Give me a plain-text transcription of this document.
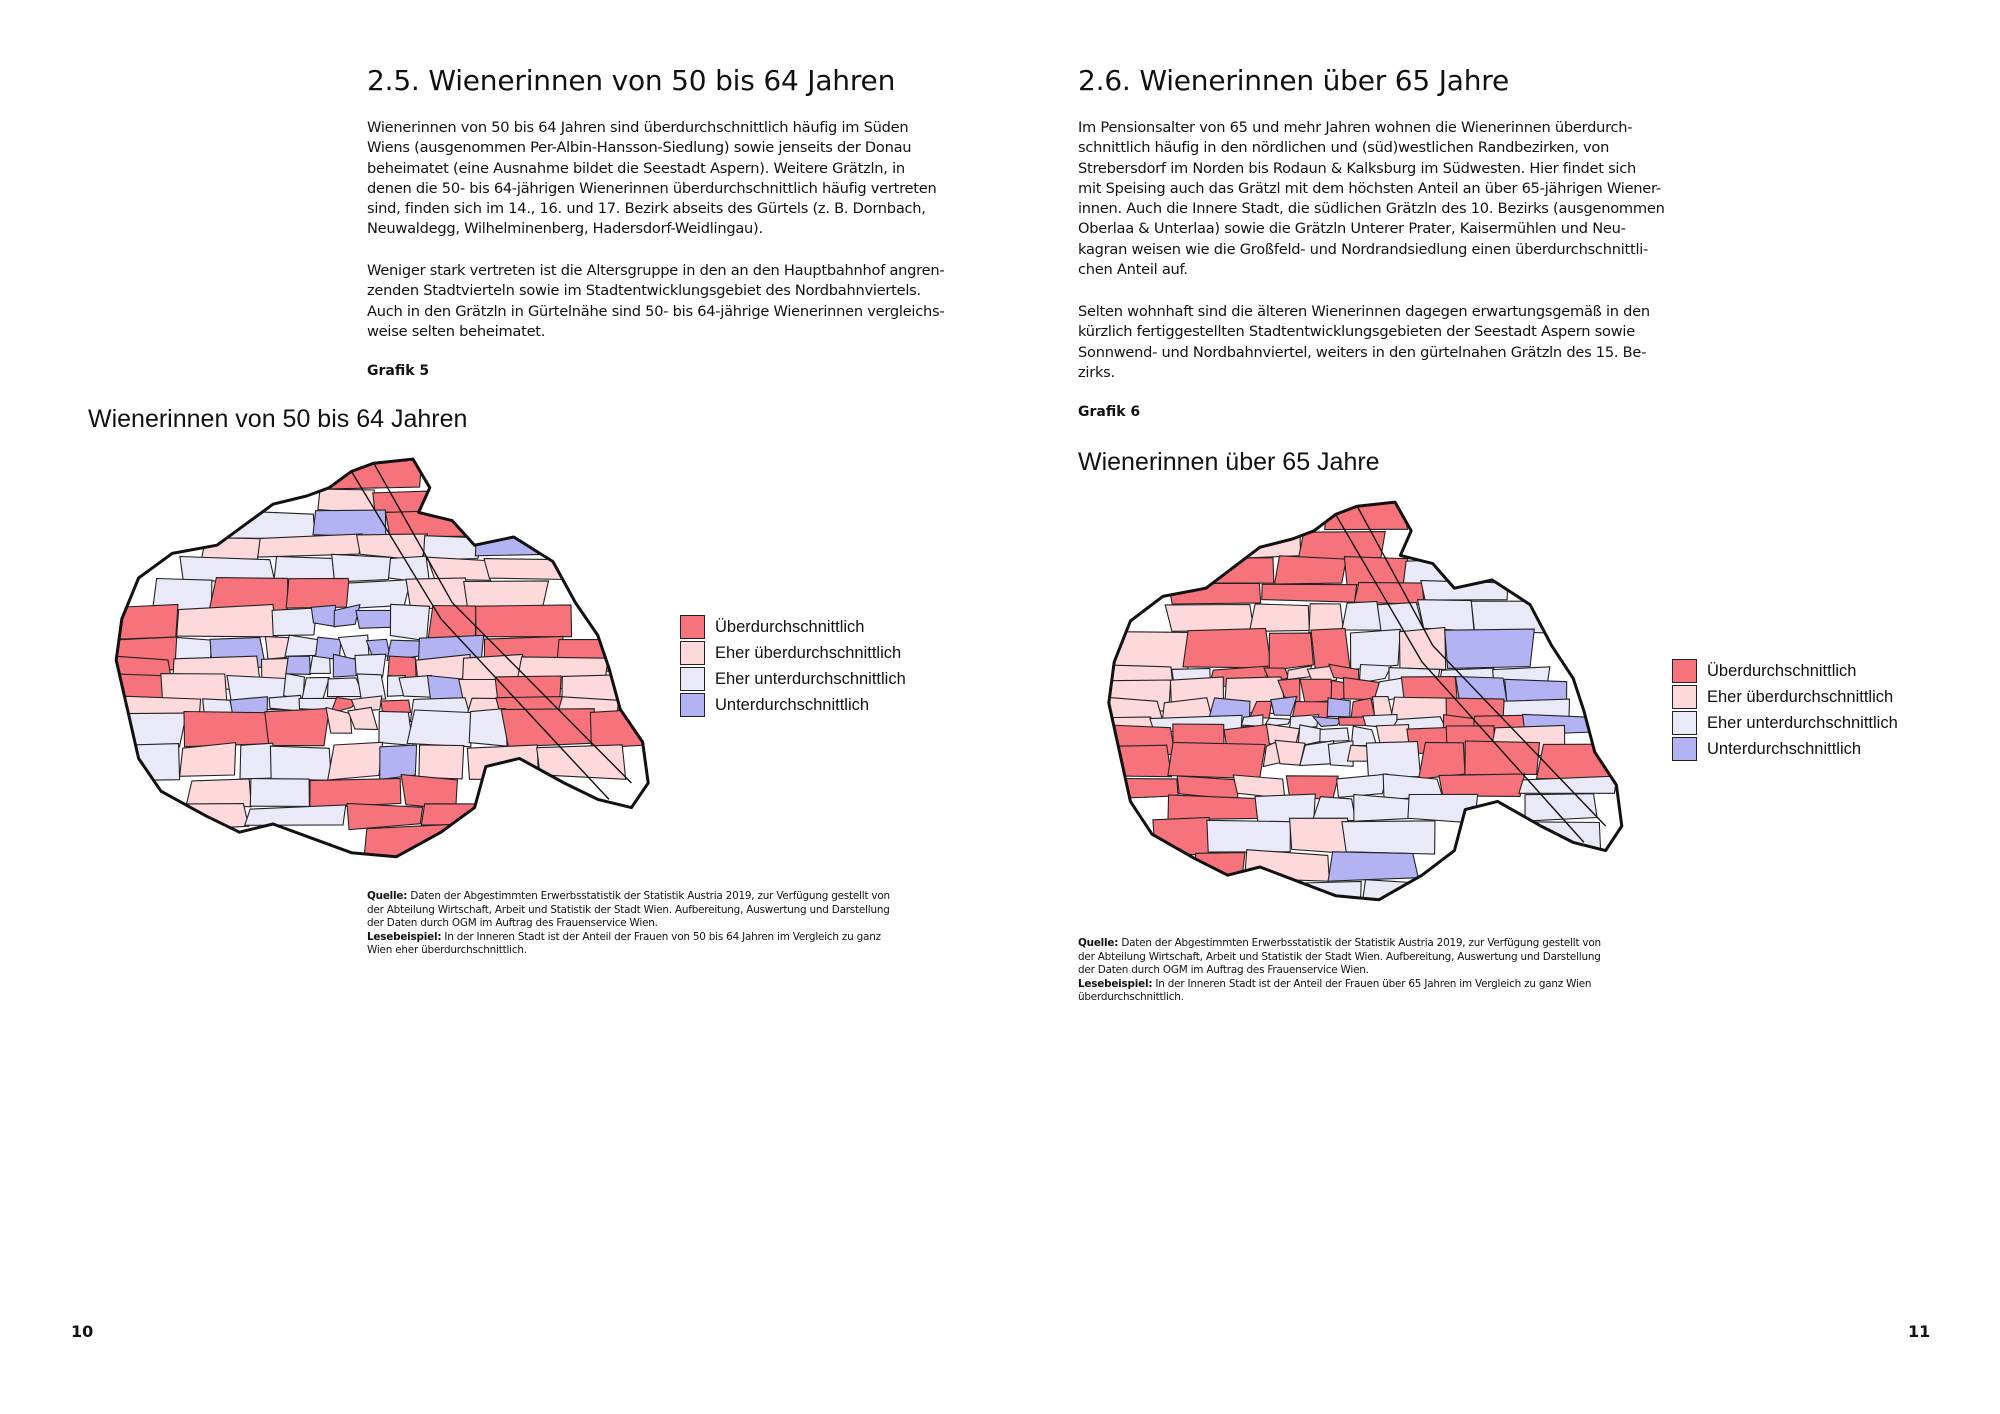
2.5. Wienerinnen von 50 bis 64 Jahren
Wienerinnen von 50 bis 64 Jahren sind überdurchschnittlich häufig im Süden
Wiens (ausgenommen Per-Albin-Hansson-Siedlung) sowie jenseits der Donau
beheimatet (eine Ausnahme bildet die Seestadt Aspern). Weitere Grätzln, in
denen die 50- bis 64-jährigen Wienerinnen überdurchschnittlich häufig vertreten
sind, finden sich im 14., 16. und 17. Bezirk abseits des Gürtels (z. B. Dornbach,
Neuwaldegg, Wilhelminenberg, Hadersdorf-Weidlingau).
Weniger stark vertreten ist die Altersgruppe in den an den Hauptbahnhof angren-
zenden Stadtvierteln sowie im Stadtentwicklungsgebiet des Nordbahnviertels.
Auch in den Grätzln in Gürtelnähe sind 50- bis 64-jährige Wienerinnen vergleichs-
weise selten beheimatet.
Grafik 5
Wienerinnen von 50 bis 64 Jahren
Überdurchschnittlich
Eher überdurchschnittlich
Eher unterdurchschnittlich
Unterdurchschnittlich
Quelle: Daten der Abgestimmten Erwerbsstatistik der Statistik Austria 2019, zur Verfügung gestellt von
der Abteilung Wirtschaft, Arbeit und Statistik der Stadt Wien. Aufbereitung, Auswertung und Darstellung
der Daten durch OGM im Auftrag des Frauenservice Wien.
Lesebeispiel: In der Inneren Stadt ist der Anteil der Frauen von 50 bis 64 Jahren im Vergleich zu ganz
Wien eher überdurchschnittlich.
10
2.6. Wienerinnen über 65 Jahre
Im Pensionsalter von 65 und mehr Jahren wohnen die Wienerinnen überdurch-
schnittlich häufig in den nördlichen und (süd)westlichen Randbezirken, von
Strebersdorf im Norden bis Rodaun & Kalksburg im Südwesten. Hier findet sich
mit Speising auch das Grätzl mit dem höchsten Anteil an über 65-jährigen Wiener-
innen. Auch die Innere Stadt, die südlichen Grätzln des 10. Bezirks (ausgenommen
Oberlaa & Unterlaa) sowie die Grätzln Unterer Prater, Kaisermühlen und Neu-
kagran weisen wie die Großfeld- und Nordrandsiedlung einen überdurchschnittli-
chen Anteil auf.
Selten wohnhaft sind die älteren Wienerinnen dagegen erwartungsgemäß in den
kürzlich fertiggestellten Stadtentwicklungsgebieten der Seestadt Aspern sowie
Sonnwend- und Nordbahnviertel, weiters in den gürtelnahen Grätzln des 15. Be-
zirks.
Grafik 6
Wienerinnen über 65 Jahre
Überdurchschnittlich
Eher überdurchschnittlich
Eher unterdurchschnittlich
Unterdurchschnittlich
Quelle: Daten der Abgestimmten Erwerbsstatistik der Statistik Austria 2019, zur Verfügung gestellt von
der Abteilung Wirtschaft, Arbeit und Statistik der Stadt Wien. Aufbereitung, Auswertung und Darstellung
der Daten durch OGM im Auftrag des Frauenservice Wien.
Lesebeispiel: In der Inneren Stadt ist der Anteil der Frauen über 65 Jahren im Vergleich zu ganz Wien
überdurchschnittlich.
11
